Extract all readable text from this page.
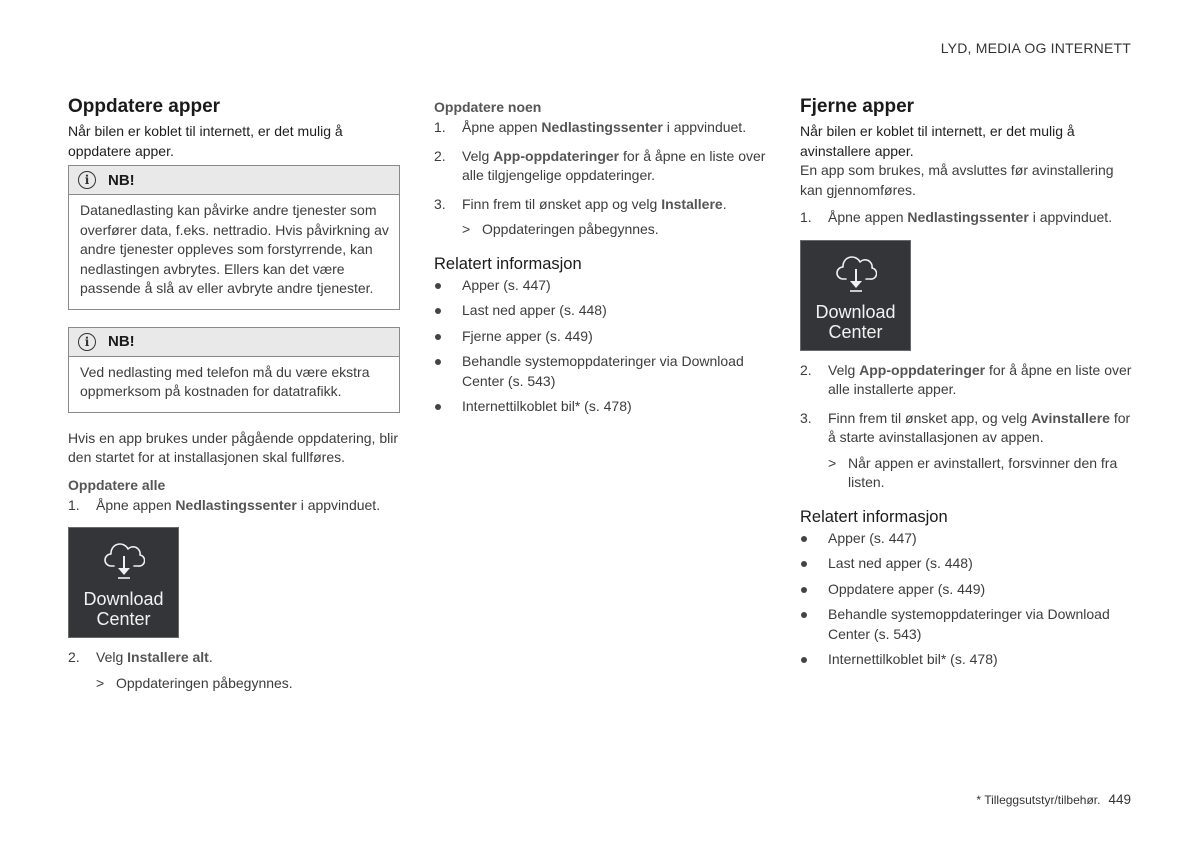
LYD, MEDIA OG INTERNETT
Oppdatere apper

Når bilen er koblet til internett, er det mulig å oppdatere apper.

i	NB!
Datanedlasting kan påvirke andre tjenester som overfører data, f.eks. nettradio. Hvis påvirkning av andre tjenester oppleves som forstyrrende, kan nedlastingen avbrytes. Ellers kan det være passende å slå av eller avbryte andre tjenester.
i	NB!
Ved nedlasting med telefon må du være ekstra oppmerksom på kostnaden for datatrafikk.

Hvis en app brukes under pågående oppdatering, blir den startet for at installasjonen skal fullføres.

Oppdatere alle
1. Åpne appen Nedlastingssenter i appvinduet.
Download
Center
2. Velg Installere alt.
> Oppdateringen påbegynnes.
Oppdatere noen
1. Åpne appen Nedlastingssenter i appvinduet.
2. Velg App-oppdateringer for å åpne en liste over alle tilgjengelige oppdateringer.
3. Finn frem til ønsket app og velg Installere.
> Oppdateringen påbegynnes.
Relatert informasjon
Apper (s. 447)
Last ned apper (s. 448)
Fjerne apper (s. 449)
Behandle systemoppdateringer via Download Center (s. 543)
Internettilkoblet bil* (s. 478)
Fjerne apper

Når bilen er koblet til internett, er det mulig å avinstallere apper.

En app som brukes, må avsluttes før avinstallering kan gjennomføres.

1. Åpne appen Nedlastingssenter i appvinduet.
Download
Center
2. Velg App-oppdateringer for å åpne en liste over alle installerte apper.
3. Finn frem til ønsket app, og velg Avinstallere for å starte avinstallasjonen av appen.
> Når appen er avinstallert, forsvinner den fra listen.
Relatert informasjon
Apper (s. 447)
Last ned apper (s. 448)
Oppdatere apper (s. 449)
Behandle systemoppdateringer via Download Center (s. 543)
Internettilkoblet bil* (s. 478)
* Tilleggsutstyr/tilbehør. 449
